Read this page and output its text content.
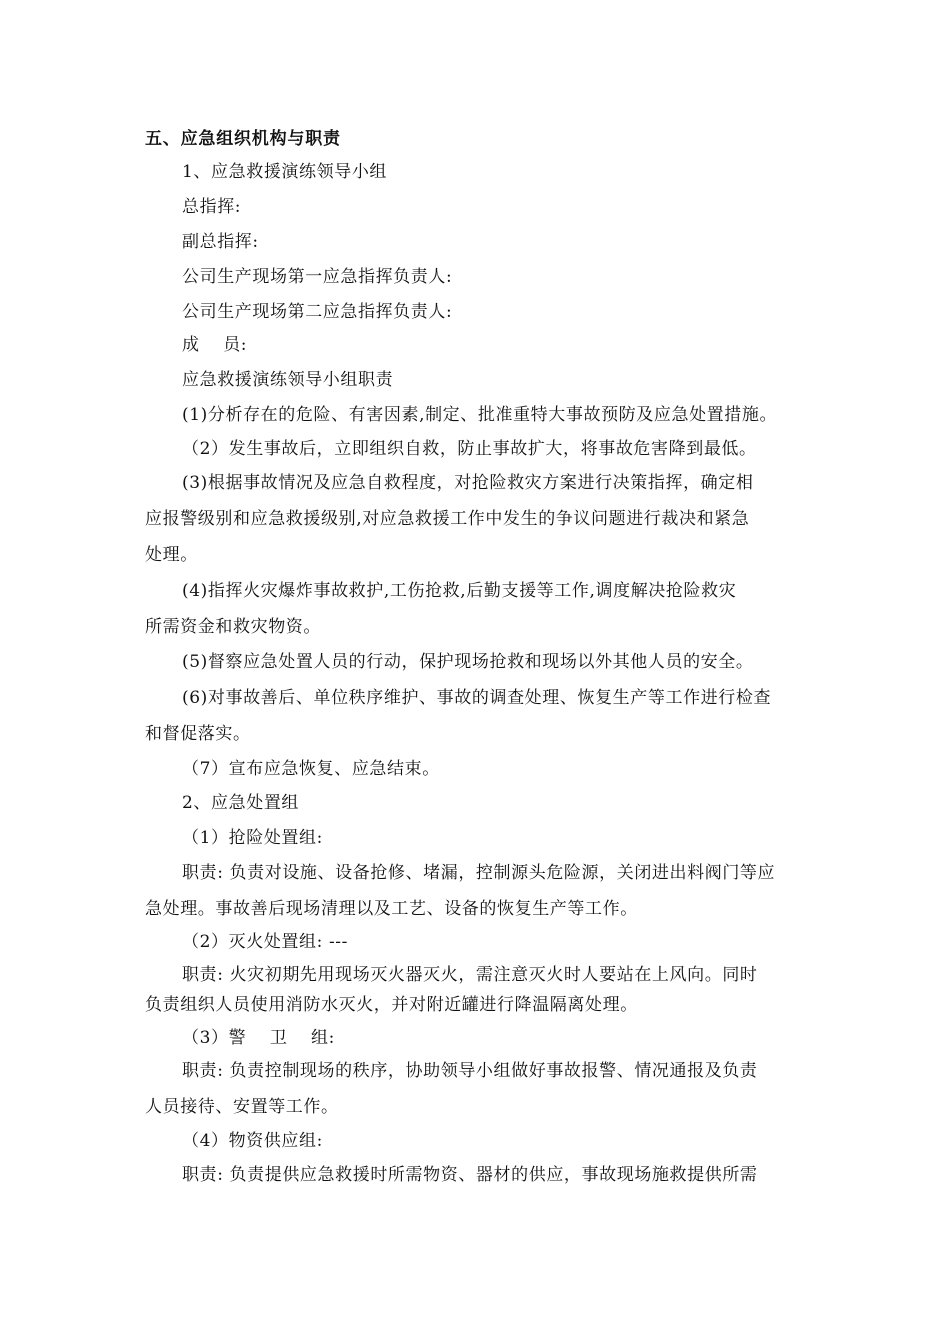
五、应急组织机构与职责
1、应急救援演练领导小组
总指挥:
副总指挥:
公司生产现场第一应急指挥负责人:
公司生产现场第二应急指挥负责人:
成　 员:
应急救援演练领导小组职责
(1)分析存在的危险、有害因素,制定、批准重特大事故预防及应急处置措施。
（2）发生事故后，立即组织自救，防止事故扩大，将事故危害降到最低。
(3)根据事故情况及应急自救程度，对抢险救灾方案进行决策指挥，确定相
应报警级别和应急救援级别,对应急救援工作中发生的争议问题进行裁决和紧急
处理。
(4)指挥火灾爆炸事故救护,工伤抢救,后勤支援等工作,调度解决抢险救灾
所需资金和救灾物资。
(5)督察应急处置人员的行动，保护现场抢救和现场以外其他人员的安全。
(6)对事故善后、单位秩序维护、事故的调查处理、恢复生产等工作进行检查
和督促落实。
（7）宣布应急恢复、应急结束。
2、应急处置组
（1）抢险处置组:
职责: 负责对设施、设备抢修、堵漏，控制源头危险源，关闭进出料阀门等应
急处理。事故善后现场清理以及工艺、设备的恢复生产等工作。
（2）灭火处置组: ---
职责: 火灾初期先用现场灭火器灭火，需注意灭火时人要站在上风向。同时
负责组织人员使用消防水灭火，并对附近罐进行降温隔离处理。
（3）警　 卫　 组:
职责: 负责控制现场的秩序，协助领导小组做好事故报警、情况通报及负责
人员接待、安置等工作。
（4）物资供应组:
职责: 负责提供应急救援时所需物资、器材的供应，事故现场施救提供所需
